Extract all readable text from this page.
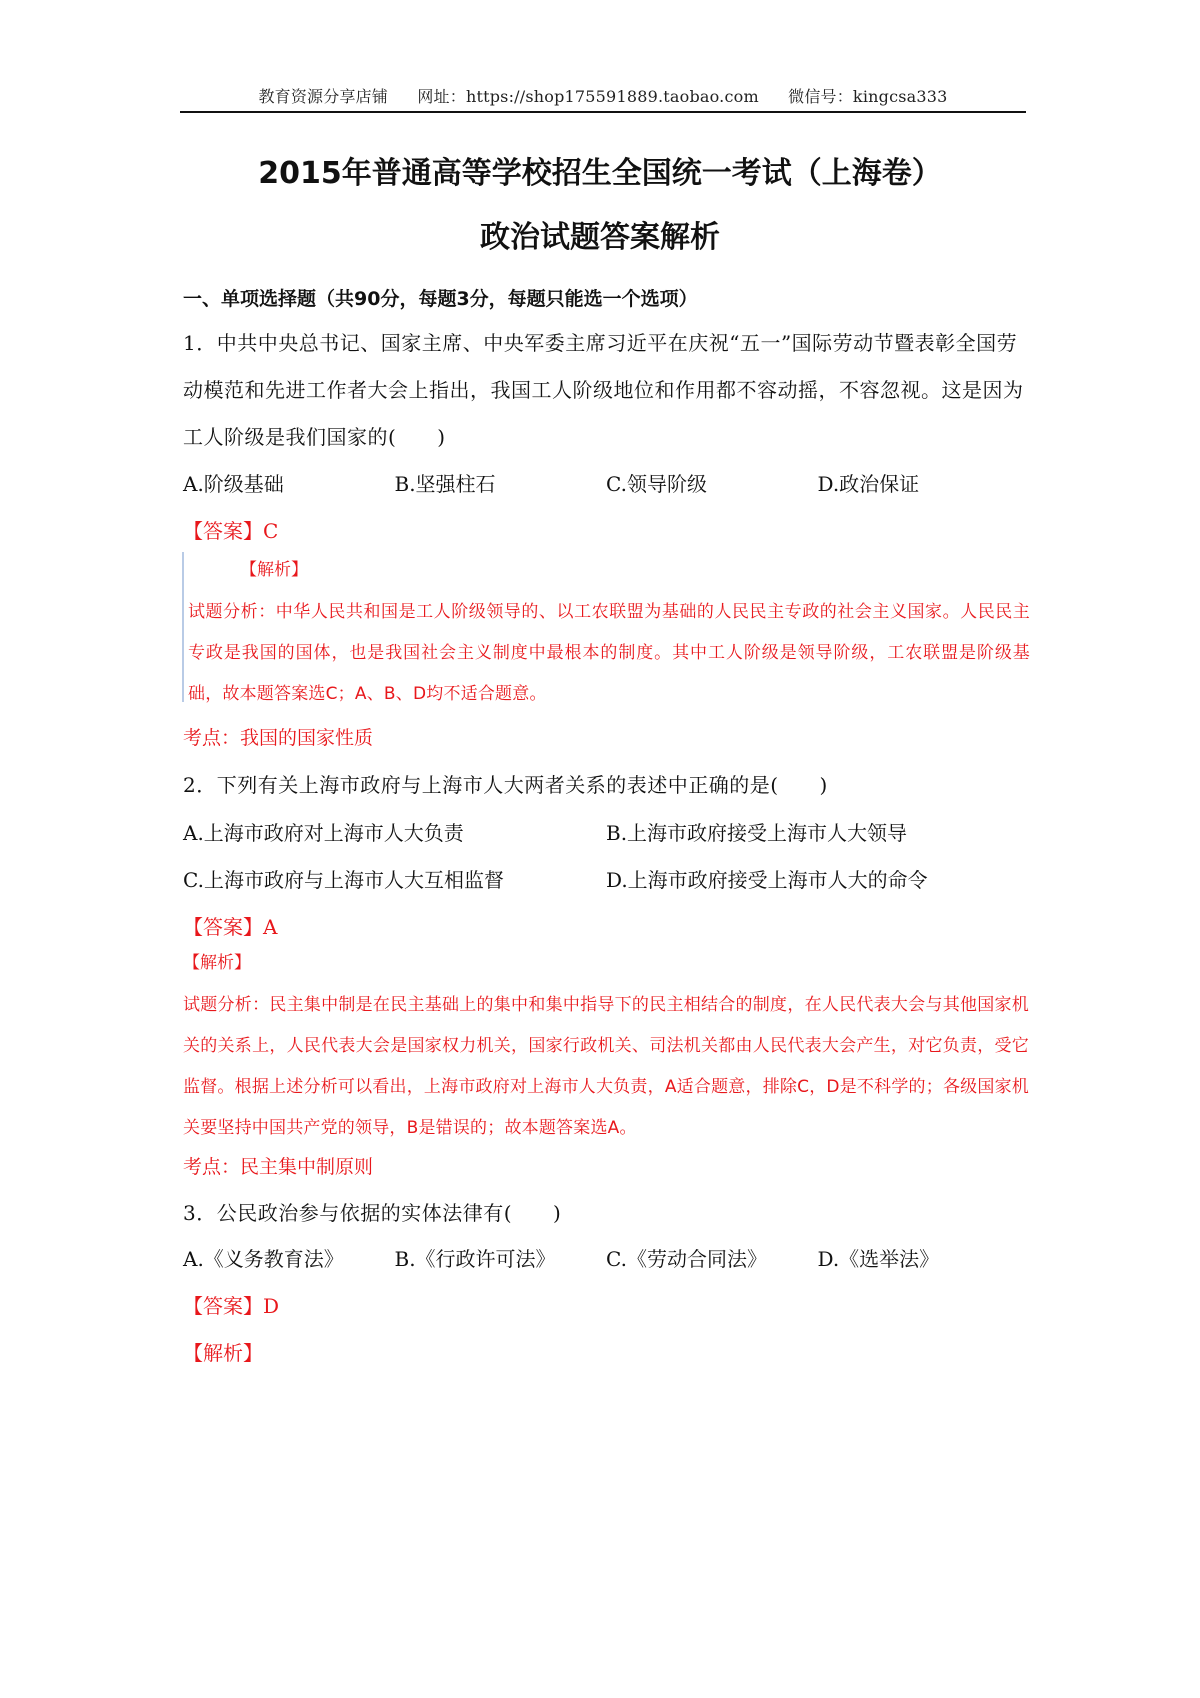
教育资源分享店铺 网址：https://shop175591889.taobao.com 微信号：kingcsa333
2015年普通高等学校招生全国统一考试（上海卷）
政治试题答案解析
一、单项选择题（共90分，每题3分，每题只能选一个选项）
1．中共中央总书记、国家主席、中央军委主席习近平在庆祝“五一”国际劳动节暨表彰全国劳动模范和先进工作者大会上指出，我国工人阶级地位和作用都不容动摇，不容忽视。这是因为工人阶级是我们国家的(　　)
A.阶级基础	B.坚强柱石	C.领导阶级	D.政治保证
【答案】C
【解析】
试题分析：中华人民共和国是工人阶级领导的、以工农联盟为基础的人民民主专政的社会主义国家。人民民主专政是我国的国体，也是我国社会主义制度中最根本的制度。其中工人阶级是领导阶级，工农联盟是阶级基础，故本题答案选C；A、B、D均不适合题意。
考点：我国的国家性质
2．下列有关上海市政府与上海市人大两者关系的表述中正确的是(　　)
A.上海市政府对上海市人大负责	B.上海市政府接受上海市人大领导
C.上海市政府与上海市人大互相监督	D.上海市政府接受上海市人大的命令
【答案】A
【解析】
试题分析：民主集中制是在民主基础上的集中和集中指导下的民主相结合的制度，在人民代表大会与其他国家机关的关系上，人民代表大会是国家权力机关，国家行政机关、司法机关都由人民代表大会产生，对它负责，受它监督。根据上述分析可以看出，上海市政府对上海市人大负责，A适合题意，排除C，D是不科学的；各级国家机关要坚持中国共产党的领导，B是错误的；故本题答案选A。
考点：民主集中制原则
3．公民政治参与依据的实体法律有(　　)
A.《义务教育法》	B.《行政许可法》	C.《劳动合同法》	D.《选举法》
【答案】D
【解析】
